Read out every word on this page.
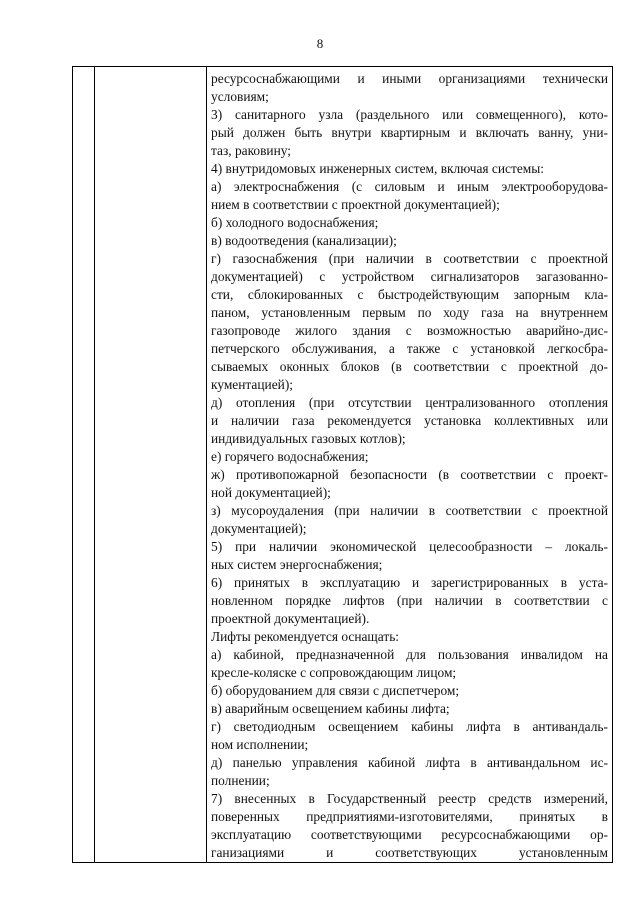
8

ресурсоснабжающими и иными организациями технически
условиям;
3) санитарного узла (раздельного или совмещенного), кото-
рый должен быть внутри квартирным и включать ванну, уни-
таз, раковину;
4) внутридомовых инженерных систем, включая системы:
а) электроснабжения (с силовым и иным электрооборудова-
нием в соответствии с проектной документацией);
б) холодного водоснабжения;
в) водоотведения (канализации);
г) газоснабжения (при наличии в соответствии с проектной
документацией) с устройством сигнализаторов загазованно-
сти, сблокированных с быстродействующим запорным кла-
паном, установленным первым по ходу газа на внутреннем
газопроводе жилого здания с возможностью аварийно-дис-
петчерского обслуживания, а также с установкой легкосбра-
сываемых оконных блоков (в соответствии с проектной до-
кументацией);
д) отопления (при отсутствии централизованного отопления
и наличии газа рекомендуется установка коллективных или
индивидуальных газовых котлов);
е) горячего водоснабжения;
ж) противопожарной безопасности (в соответствии с проект-
ной документацией);
з) мусороудаления (при наличии в соответствии с проектной
документацией);
5) при наличии экономической целесообразности – локаль-
ных систем энергоснабжения;
6) принятых в эксплуатацию и зарегистрированных в уста-
новленном порядке лифтов (при наличии в соответствии с
проектной документацией).
Лифты рекомендуется оснащать:
а) кабиной, предназначенной для пользования инвалидом на
кресле-коляске с сопровождающим лицом;
б) оборудованием для связи с диспетчером;
в) аварийным освещением кабины лифта;
г) светодиодным освещением кабины лифта в антивандаль-
ном исполнении;
д) панелью управления кабиной лифта в антивандальном ис-
полнении;
7) внесенных в Государственный реестр средств измерений,
поверенных предприятиями-изготовителями, принятых в
эксплуатацию соответствующими ресурсоснабжающими ор-
ганизациями и соответствующих установленным
